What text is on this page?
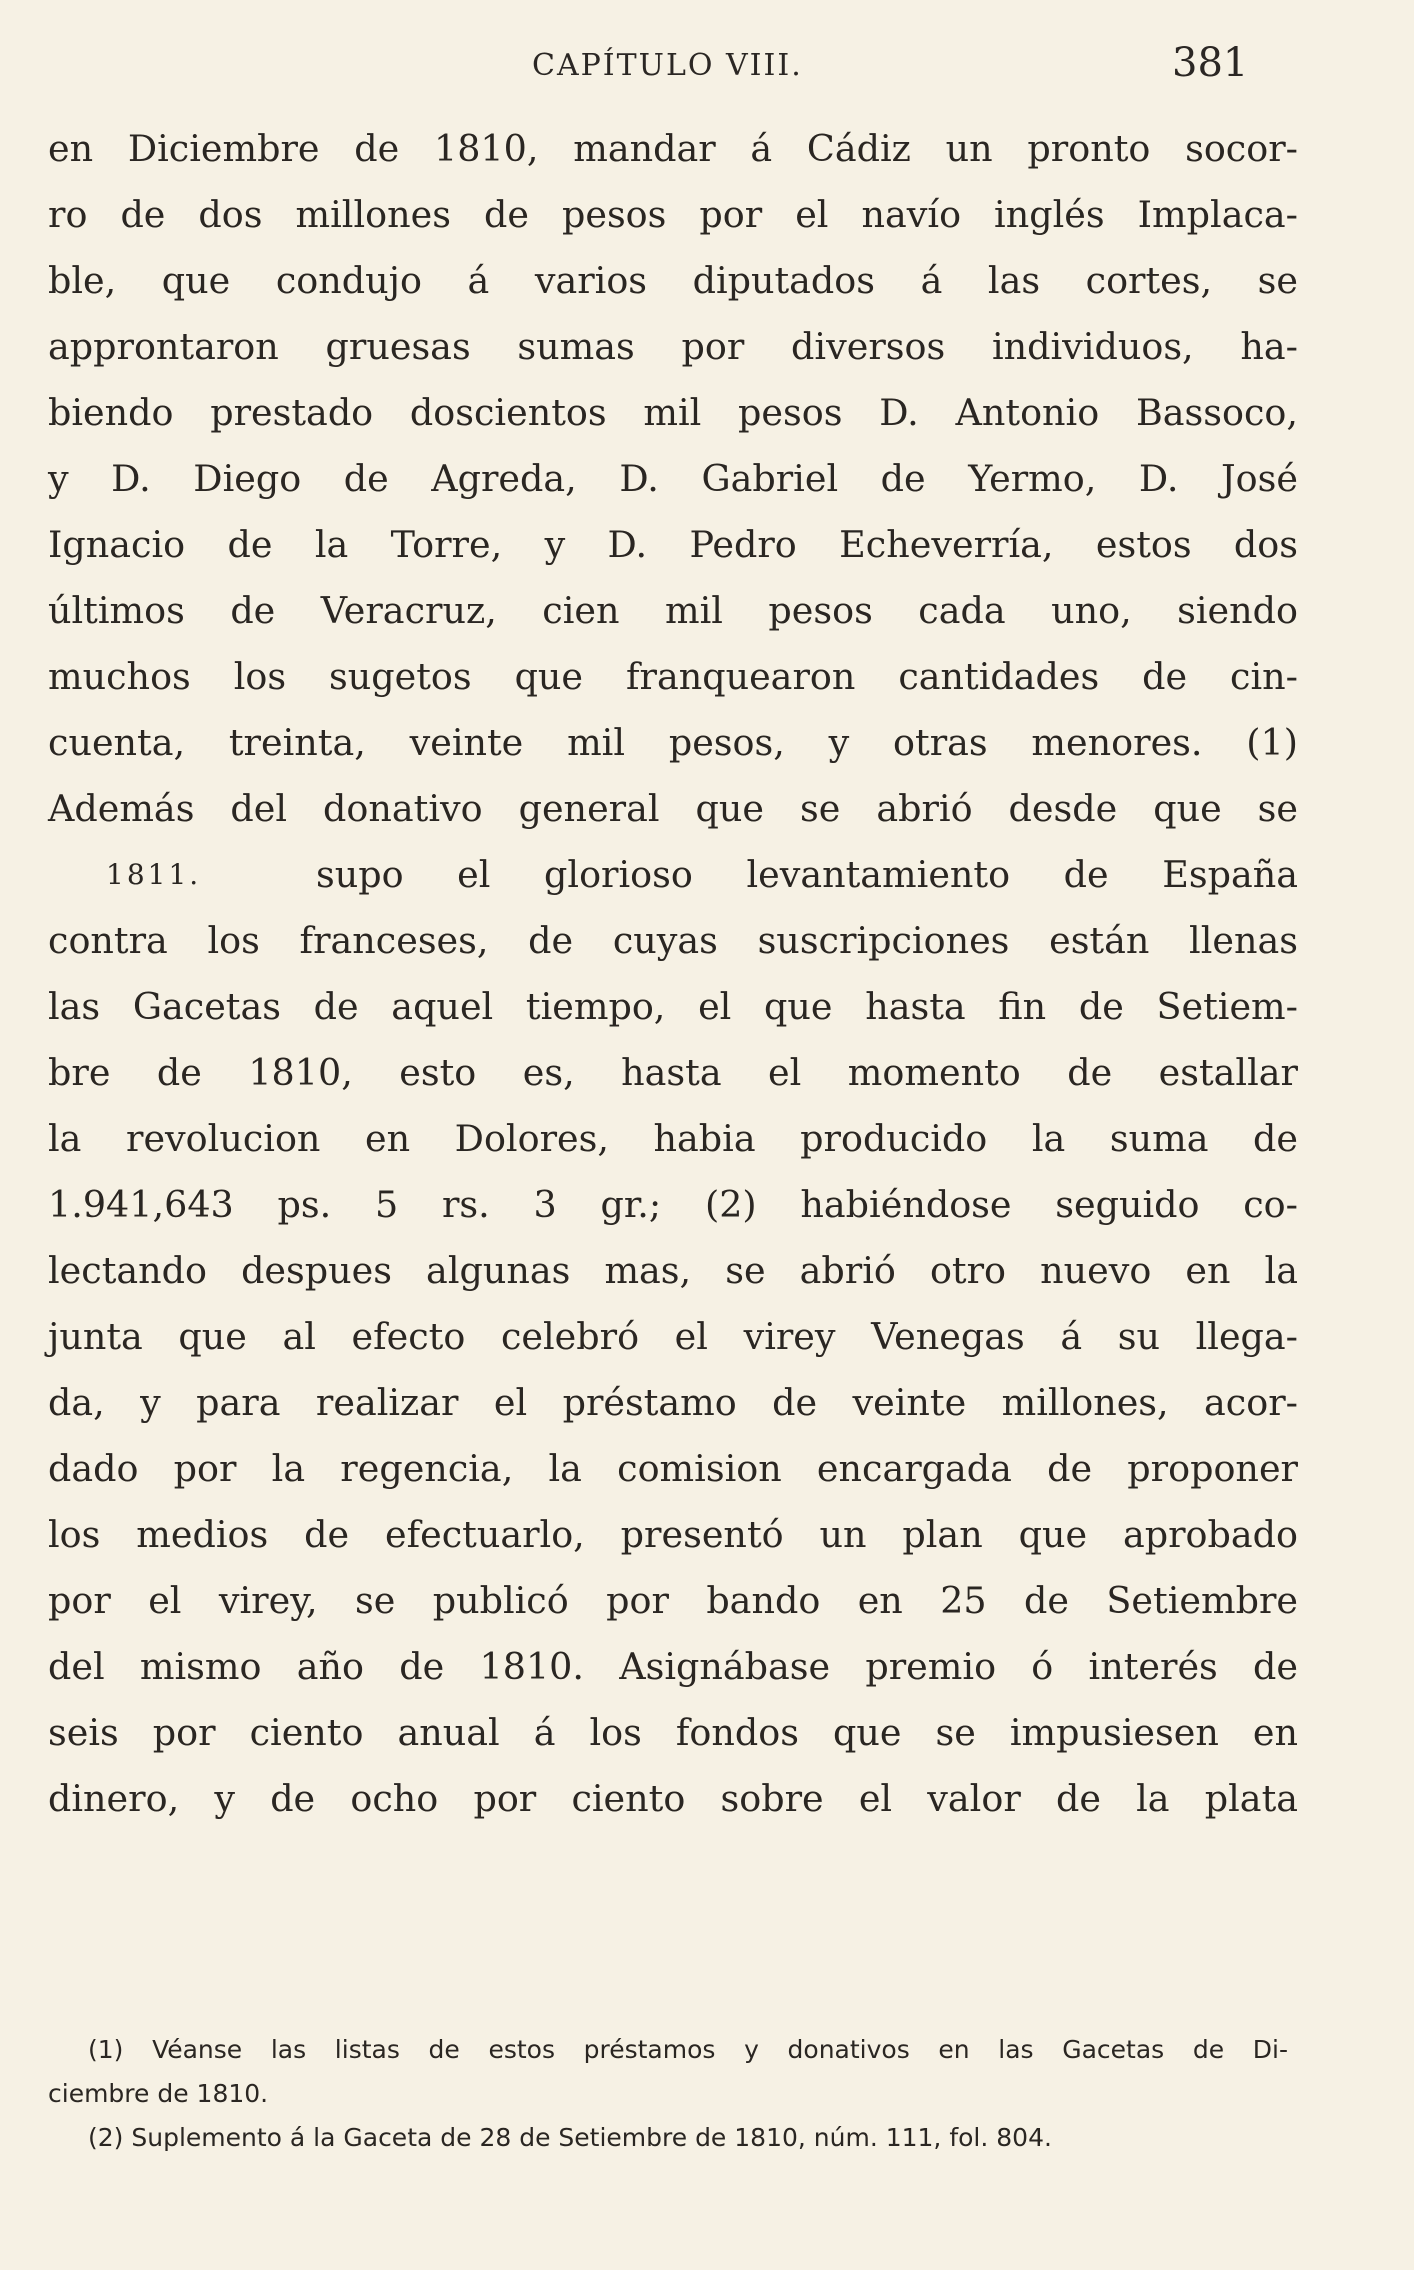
CAPÍTULO VIII.	381
en Diciembre de 1810, mandar á Cádiz un pronto socor-
ro de dos millones de pesos por el navío inglés Implaca-
ble, que condujo á varios diputados á las cortes, se
approntaron gruesas sumas por diversos individuos, ha-
biendo prestado doscientos mil pesos D. Antonio Bassoco,
y D. Diego de Agreda, D. Gabriel de Yermo, D. José
Ignacio de la Torre, y D. Pedro Echeverría, estos dos
últimos de Veracruz, cien mil pesos cada uno, siendo
muchos los sugetos que franquearon cantidades de cin-
cuenta, treinta, veinte mil pesos, y otras menores. (1)
Además del donativo general que se abrió desde que se
1811.	supo el glorioso levantamiento de España
contra los franceses, de cuyas suscripciones están llenas
las Gacetas de aquel tiempo, el que hasta fin de Setiem-
bre de 1810, esto es, hasta el momento de estallar
la revolucion en Dolores, habia producido la suma de
1.941,643 ps. 5 rs. 3 gr.; (2) habiéndose seguido co-
lectando despues algunas mas, se abrió otro nuevo en la
junta que al efecto celebró el virey Venegas á su llega-
da, y para realizar el préstamo de veinte millones, acor-
dado por la regencia, la comision encargada de proponer
los medios de efectuarlo, presentó un plan que aprobado
por el virey, se publicó por bando en 25 de Setiembre
del mismo año de 1810. Asignábase premio ó interés de
seis por ciento anual á los fondos que se impusiesen en
dinero, y de ocho por ciento sobre el valor de la plata
(1) Véanse las listas de estos préstamos y donativos en las Gacetas de Di-
ciembre de 1810.
(2) Suplemento á la Gaceta de 28 de Setiembre de 1810, núm. 111, fol. 804.
